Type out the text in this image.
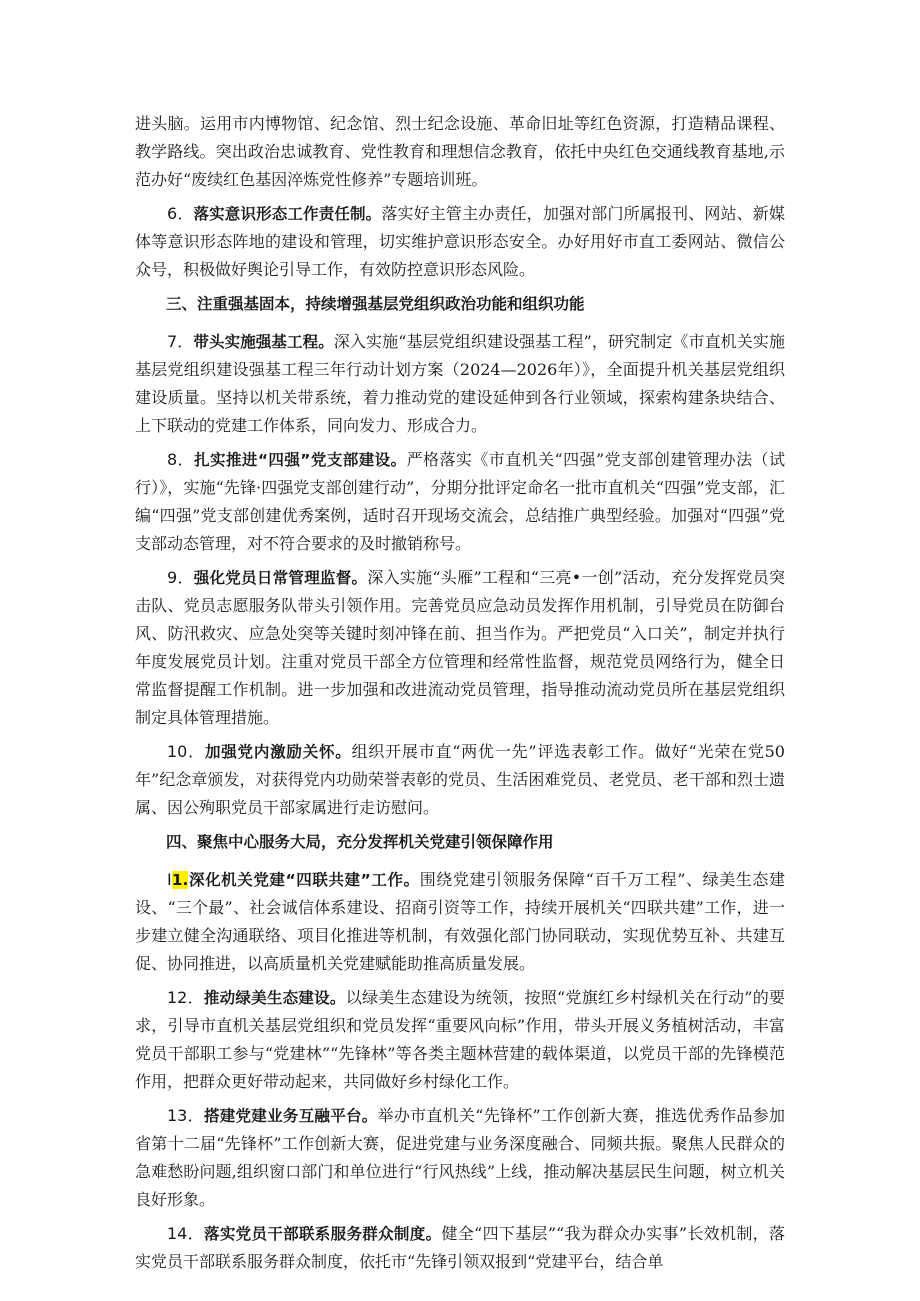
进头脑。运用市内博物馆、纪念馆、烈士纪念设施、革命旧址等红色资源，打造精品课程、教学路线。突出政治忠诚教育、党性教育和理想信念教育，依托中央红色交通线教育基地,示范办好“废续红色基因淬炼党性修养”专题培训班。

6．落实意识形态工作责任制。落实好主管主办责任，加强对部门所属报刊、网站、新媒体等意识形态阵地的建设和管理，切实维护意识形态安全。办好用好市直工委网站、微信公众号，积极做好舆论引导工作，有效防控意识形态风险。

三、注重强基固本，持续增强基层党组织政治功能和组织功能

7．带头实施强基工程。深入实施“基层党组织建设强基工程”，研究制定《市直机关实施基层党组织建设强基工程三年行动计划方案（2024—2026年）》，全面提升机关基层党组织建设质量。坚持以机关带系统，着力推动党的建设延伸到各行业领域，探索构建条块结合、上下联动的党建工作体系，同向发力、形成合力。

8．扎实推进“四强”党支部建设。严格落实《市直机关“四强”党支部创建管理办法（试行）》，实施“先锋·四强党支部创建行动”，分期分批评定命名一批市直机关“四强”党支部，汇编“四强”党支部创建优秀案例，适时召开现场交流会，总结推广典型经验。加强对“四强”党支部动态管理，对不符合要求的及时撤销称号。

9．强化党员日常管理监督。深入实施“头雁”工程和“三亮•一创”活动，充分发挥党员突击队、党员志愿服务队带头引领作用。完善党员应急动员发挥作用机制，引导党员在防御台风、防汛救灾、应急处突等关键时刻冲锋在前、担当作为。严把党员“入口关”，制定并执行年度发展党员计划。注重对党员干部全方位管理和经常性监督，规范党员网络行为，健全日常监督提醒工作机制。进一步加强和改进流动党员管理，指导推动流动党员所在基层党组织制定具体管理措施。

10．加强党内激励关怀。组织开展市直“两优一先”评选表彰工作。做好“光荣在党50年”纪念章颁发，对获得党内功勋荣誉表彰的党员、生活困难党员、老党员、老干部和烈士遗属、因公殉职党员干部家属进行走访慰问。

四、聚焦中心服务大局，充分发挥机关党建引领保障作用

I1.深化机关党建“四联共建”工作。围绕党建引领服务保障“百千万工程”、绿美生态建设、“三个最”、社会诚信体系建设、招商引资等工作，持续开展机关“四联共建”工作，进一步建立健全沟通联络、项目化推进等机制，有效强化部门协同联动，实现优势互补、共建互促、协同推进，以高质量机关党建赋能助推高质量发展。

12．推动绿美生态建设。以绿美生态建设为统领，按照“党旗红乡村绿机关在行动”的要求，引导市直机关基层党组织和党员发挥“重要风向标”作用，带头开展义务植树活动，丰富党员干部职工参与“党建林”“先锋林”等各类主题林营建的载体渠道，以党员干部的先锋模范作用，把群众更好带动起来，共同做好乡村绿化工作。

13．搭建党建业务互融平台。举办市直机关“先锋杯”工作创新大赛，推选优秀作品参加省第十二届“先锋杯”工作创新大赛，促进党建与业务深度融合、同频共振。聚焦人民群众的急难愁盼问题,组织窗口部门和单位进行“行风热线”上线，推动解决基层民生问题，树立机关良好形象。

14．落实党员干部联系服务群众制度。健全“四下基层”“我为群众办实事”长效机制，落实党员干部联系服务群众制度，依托市“先锋引领双报到“党建平台，结合单
